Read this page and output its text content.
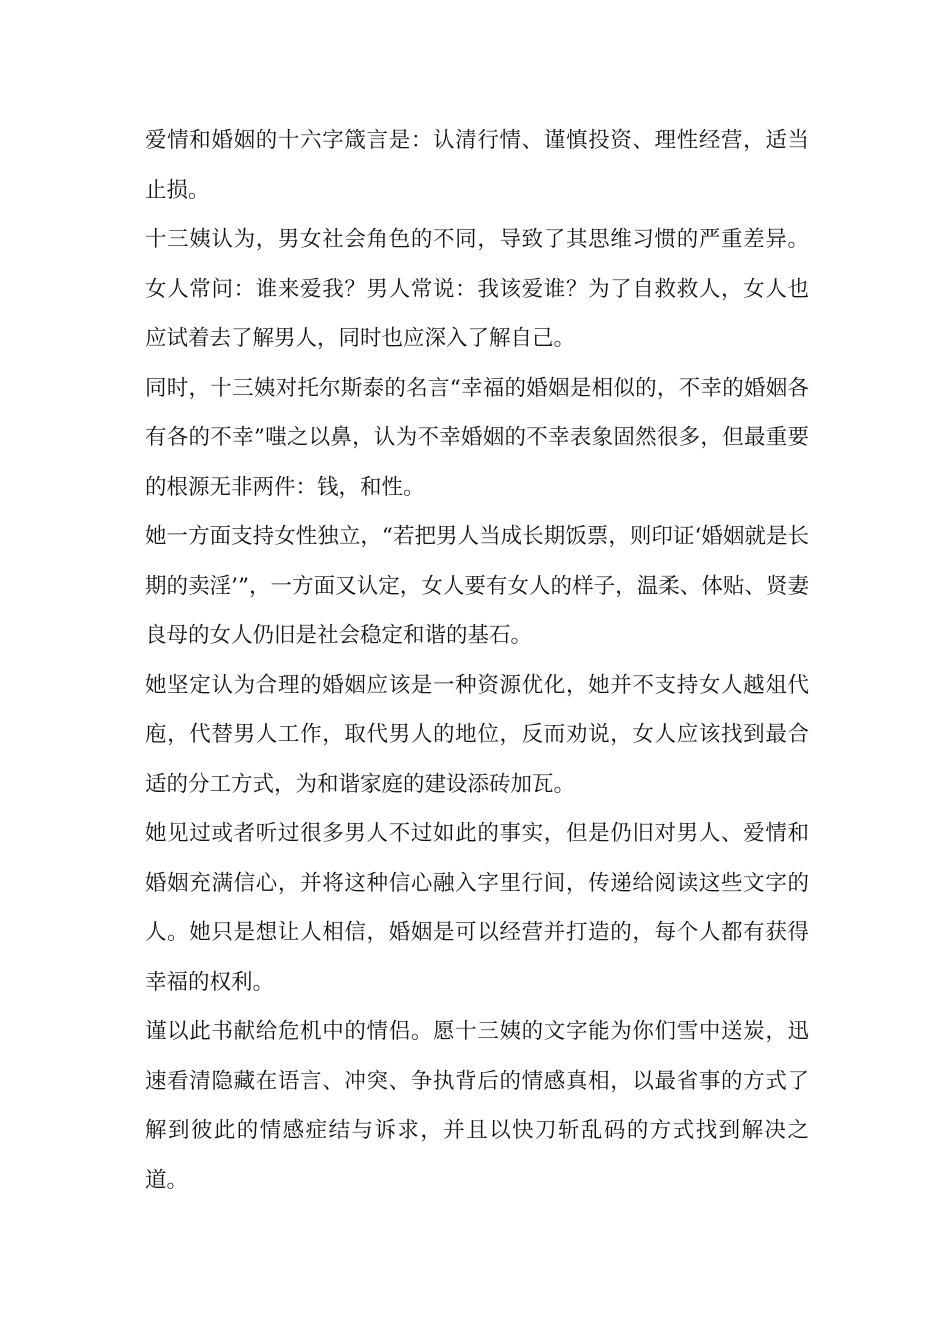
爱情和婚姻的十六字箴言是：认清行情、谨慎投资、理性经营，适当止损。

十三姨认为，男女社会角色的不同，导致了其思维习惯的严重差异。女人常问：谁来爱我？男人常说：我该爱谁？为了自救救人，女人也应试着去了解男人，同时也应深入了解自己。

同时，十三姨对托尔斯泰的名言“幸福的婚姻是相似的，不幸的婚姻各有各的不幸”嗤之以鼻，认为不幸婚姻的不幸表象固然很多，但最重要的根源无非两件：钱，和性。

她一方面支持女性独立，“若把男人当成长期饭票，则印证‘婚姻就是长期的卖淫’”，一方面又认定，女人要有女人的样子，温柔、体贴、贤妻良母的女人仍旧是社会稳定和谐的基石。

她坚定认为合理的婚姻应该是一种资源优化，她并不支持女人越俎代庖，代替男人工作，取代男人的地位，反而劝说，女人应该找到最合适的分工方式，为和谐家庭的建设添砖加瓦。

她见过或者听过很多男人不过如此的事实，但是仍旧对男人、爱情和婚姻充满信心，并将这种信心融入字里行间，传递给阅读这些文字的人。她只是想让人相信，婚姻是可以经营并打造的，每个人都有获得幸福的权利。

谨以此书献给危机中的情侣。愿十三姨的文字能为你们雪中送炭，迅速看清隐藏在语言、冲突、争执背后的情感真相，以最省事的方式了解到彼此的情感症结与诉求，并且以快刀斩乱码的方式找到解决之道。
